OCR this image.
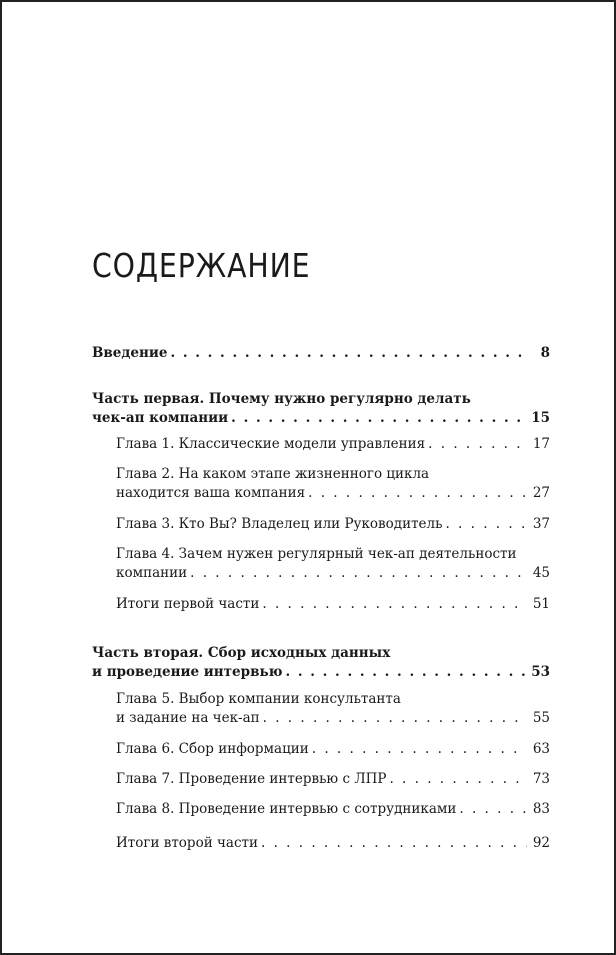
СОДЕРЖАНИЕ
Введение . . .	8
Часть первая. Почему нужно регулярно делать
чек-ап компании . . .	15
Глава 1. Классические модели управления . . .	17
Глава 2. На каком этапе жизненного цикла
находится ваша компания . . .	27
Глава 3. Кто Вы? Владелец или Руководитель . . .	37
Глава 4. Зачем нужен регулярный чек-ап деятельности
компании . . .	45
Итоги первой части . . .	51
Часть вторая. Сбор исходных данных
и проведение интервью . . .	53
Глава 5. Выбор компании консультанта
и задание на чек-ап . . .	55
Глава 6. Сбор информации . . .	63
Глава 7. Проведение интервью с ЛПР . . .	73
Глава 8. Проведение интервью с сотрудниками . . .	83
Итоги второй части . . .	92
